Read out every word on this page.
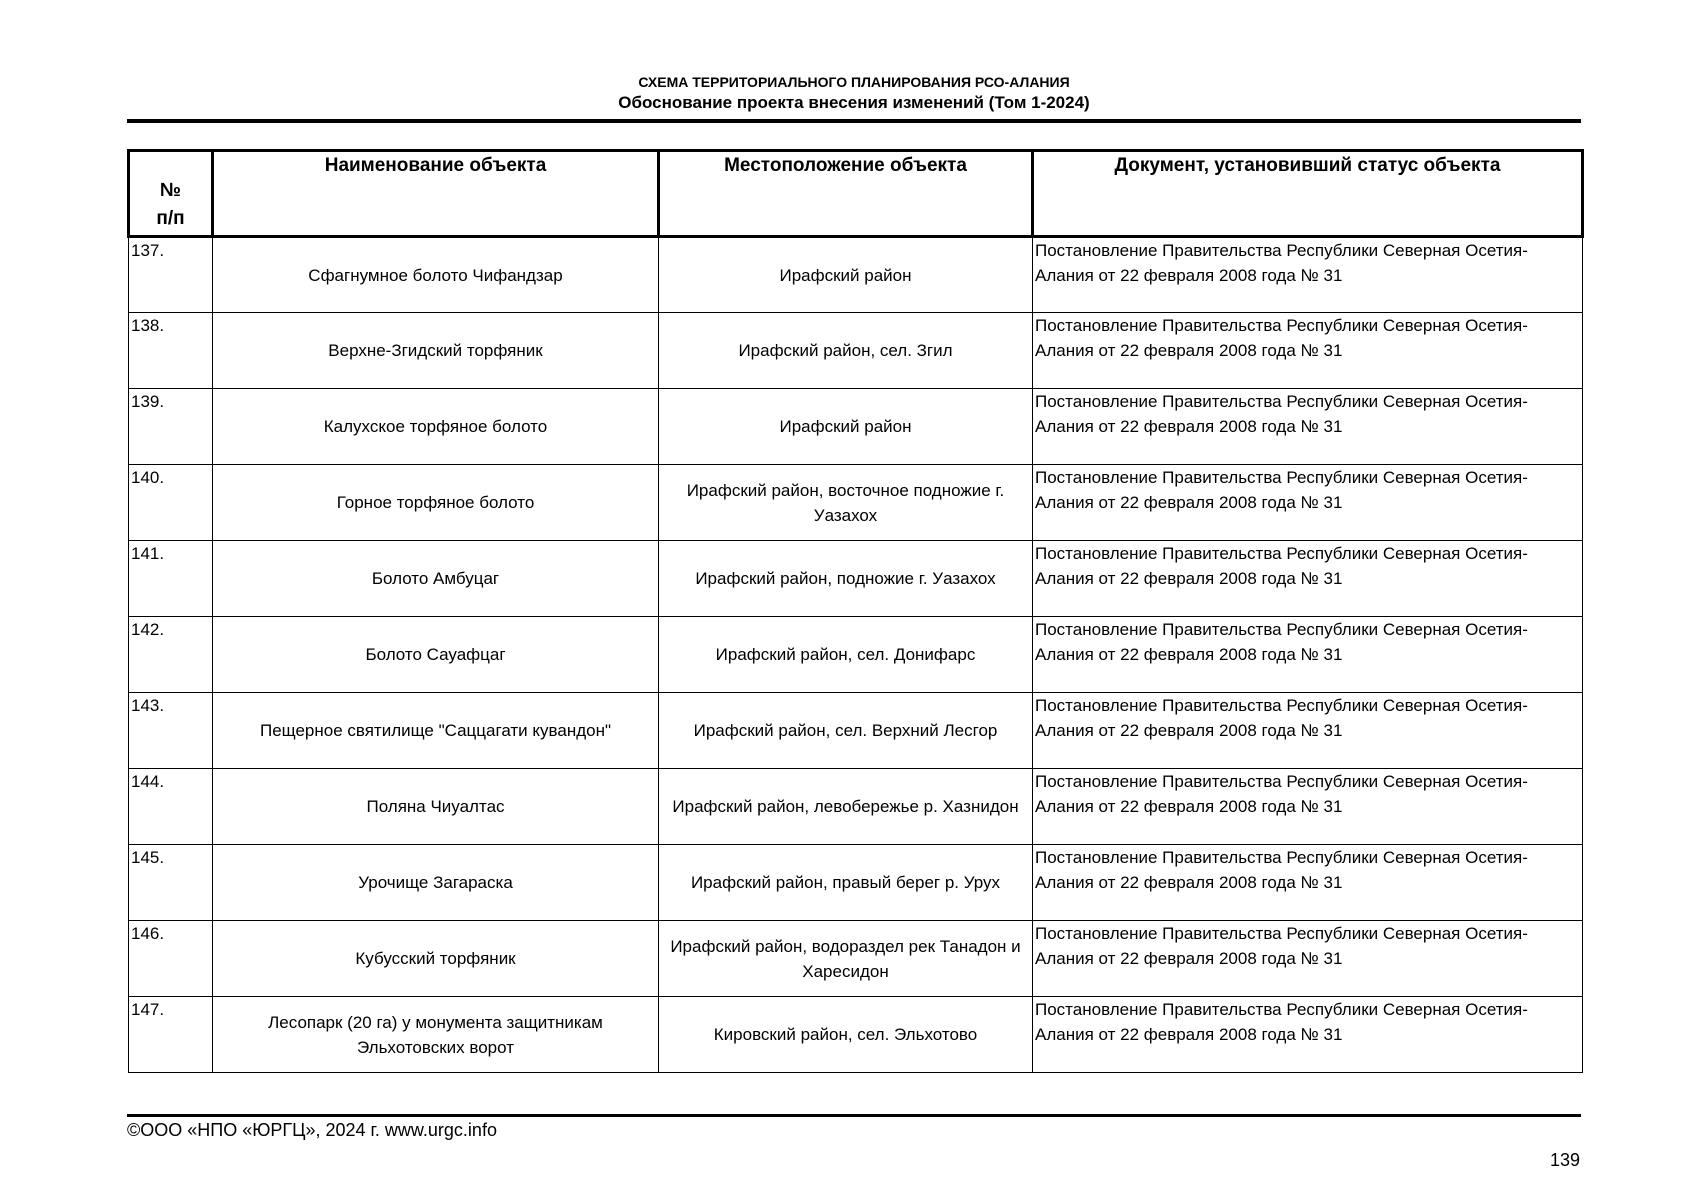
СХЕМА ТЕРРИТОРИАЛЬНОГО ПЛАНИРОВАНИЯ РСО-АЛАНИЯ
Обоснование проекта внесения изменений (Том 1-2024)
№
п/п	Наименование объекта	Местоположение объекта	Документ, установивший статус объекта
137.	Сфагнумное болото Чифандзар	Ирафский район	Постановление Правительства Республики Северная Осетия-Алания от 22 февраля 2008 года № 31
138.	Верхне-Згидский торфяник	Ирафский район, сел. Згил	Постановление Правительства Республики Северная Осетия-Алания от 22 февраля 2008 года № 31
139.	Калухское торфяное болото	Ирафский район	Постановление Правительства Республики Северная Осетия-Алания от 22 февраля 2008 года № 31
140.	Горное торфяное болото	Ирафский район, восточное подножие г. Уазахох	Постановление Правительства Республики Северная Осетия-Алания от 22 февраля 2008 года № 31
141.	Болото Амбуцаг	Ирафский район, подножие г. Уазахох	Постановление Правительства Республики Северная Осетия-Алания от 22 февраля 2008 года № 31
142.	Болото Сауафцаг	Ирафский район, сел. Донифарс	Постановление Правительства Республики Северная Осетия-Алания от 22 февраля 2008 года № 31
143.	Пещерное святилище "Саццагати кувандон"	Ирафский район, сел. Верхний Лесгор	Постановление Правительства Республики Северная Осетия-Алания от 22 февраля 2008 года № 31
144.	Поляна Чиуалтас	Ирафский район, левобережье р. Хазнидон	Постановление Правительства Республики Северная Осетия-Алания от 22 февраля 2008 года № 31
145.	Урочище Загараска	Ирафский район, правый берег р. Урух	Постановление Правительства Республики Северная Осетия-Алания от 22 февраля 2008 года № 31
146.	Кубусский торфяник	Ирафский район, водораздел рек Танадон и Харесидон	Постановление Правительства Республики Северная Осетия-Алания от 22 февраля 2008 года № 31
147.	Лесопарк (20 га) у монумента защитникам Эльхотовских ворот	Кировский район, сел. Эльхотово	Постановление Правительства Республики Северная Осетия-Алания от 22 февраля 2008 года № 31
©ООО «НПО «ЮРГЦ», 2024 г. www.urgc.info
139
